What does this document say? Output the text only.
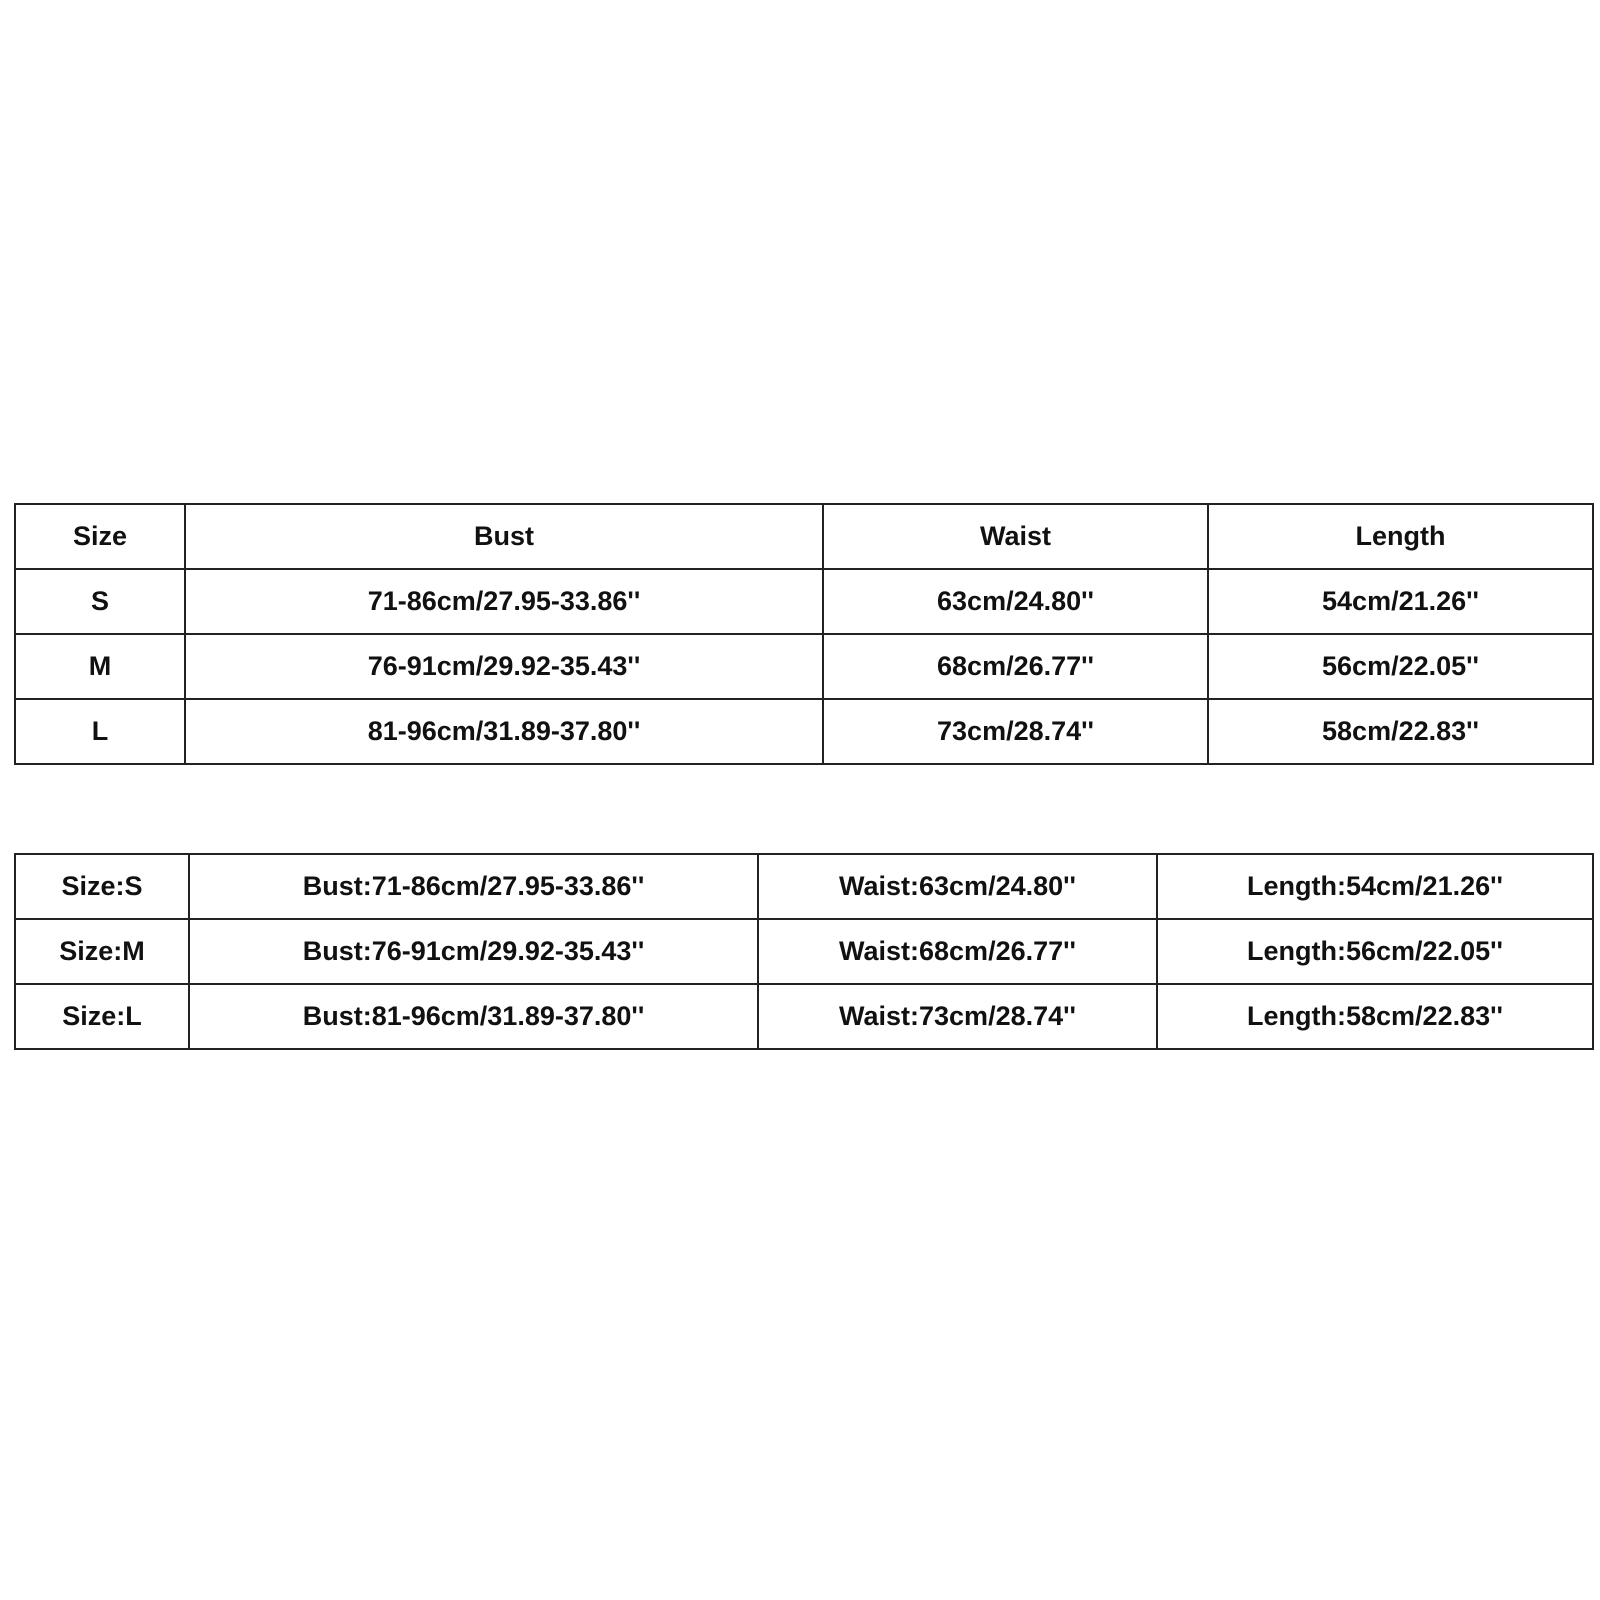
Size	Bust	Waist	Length
S	71-86cm/27.95-33.86''	63cm/24.80''	54cm/21.26''
M	76-91cm/29.92-35.43''	68cm/26.77''	56cm/22.05''
L	81-96cm/31.89-37.80''	73cm/28.74''	58cm/22.83''
Size:S	Bust:71-86cm/27.95-33.86''	Waist:63cm/24.80''	Length:54cm/21.26''
Size:M	Bust:76-91cm/29.92-35.43''	Waist:68cm/26.77''	Length:56cm/22.05''
Size:L	Bust:81-96cm/31.89-37.80''	Waist:73cm/28.74''	Length:58cm/22.83''
